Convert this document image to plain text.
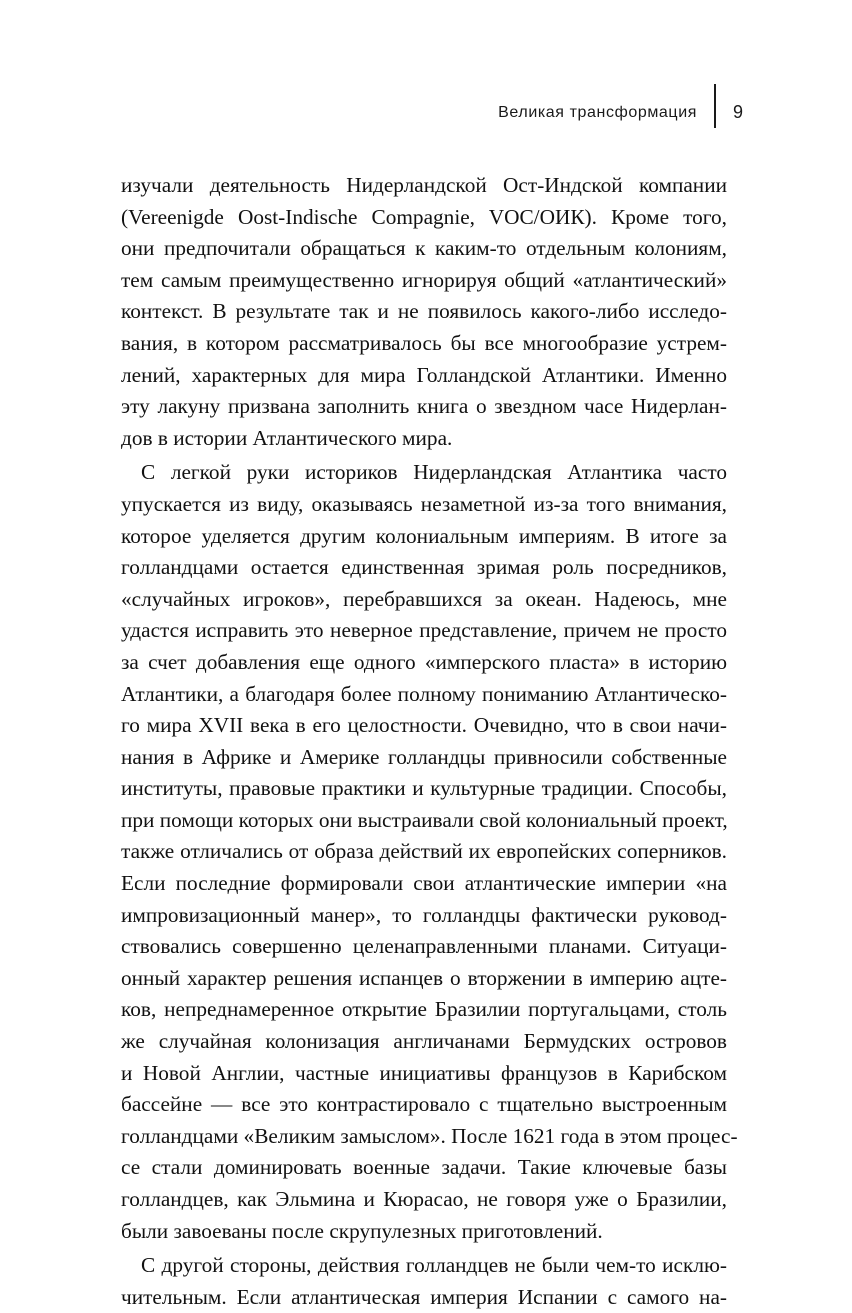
Великая трансформация 9
изучали деятельность Нидерландской Ост-Индской компании
(Vereenigde Oost-Indische Compagnie, VOC/ОИК). Кроме того,
они предпочитали обращаться к каким-то отдельным колониям,
тем самым преимущественно игнорируя общий «атлантический»
контекст. В результате так и не появилось какого-либо исследо-
вания, в котором рассматривалось бы все многообразие устрем-
лений, характерных для мира Голландской Атлантики. Именно
эту лакуну призвана заполнить книга о звездном часе Нидерлан-
дов в истории Атлантического мира.
С легкой руки историков Нидерландская Атлантика часто
упускается из виду, оказываясь незаметной из-за того внимания,
которое уделяется другим колониальным империям. В итоге за
голландцами остается единственная зримая роль посредников,
«случайных игроков», перебравшихся за океан. Надеюсь, мне
удастся исправить это неверное представление, причем не просто
за счет добавления еще одного «имперского пласта» в историю
Атлантики, а благодаря более полному пониманию Атлантическо-
го мира XVII века в его целостности. Очевидно, что в свои начи-
нания в Африке и Америке голландцы привносили собственные
институты, правовые практики и культурные традиции. Способы,
при помощи которых они выстраивали свой колониальный проект,
также отличались от образа действий их европейских соперников.
Если последние формировали свои атлантические империи «на
импровизационный манер», то голландцы фактически руковод-
ствовались совершенно целенаправленными планами. Ситуаци-
онный характер решения испанцев о вторжении в империю ацте-
ков, непреднамеренное открытие Бразилии португальцами, столь
же случайная колонизация англичанами Бермудских островов
и Новой Англии, частные инициативы французов в Карибском
бассейне — все это контрастировало с тщательно выстроенным
голландцами «Великим замыслом». После 1621 года в этом процес-
се стали доминировать военные задачи. Такие ключевые базы
голландцев, как Эльмина и Кюрасао, не говоря уже о Бразилии,
были завоеваны после скрупулезных приготовлений.
С другой стороны, действия голландцев не были чем-то исклю-
чительным. Если атлантическая империя Испании с самого на-
